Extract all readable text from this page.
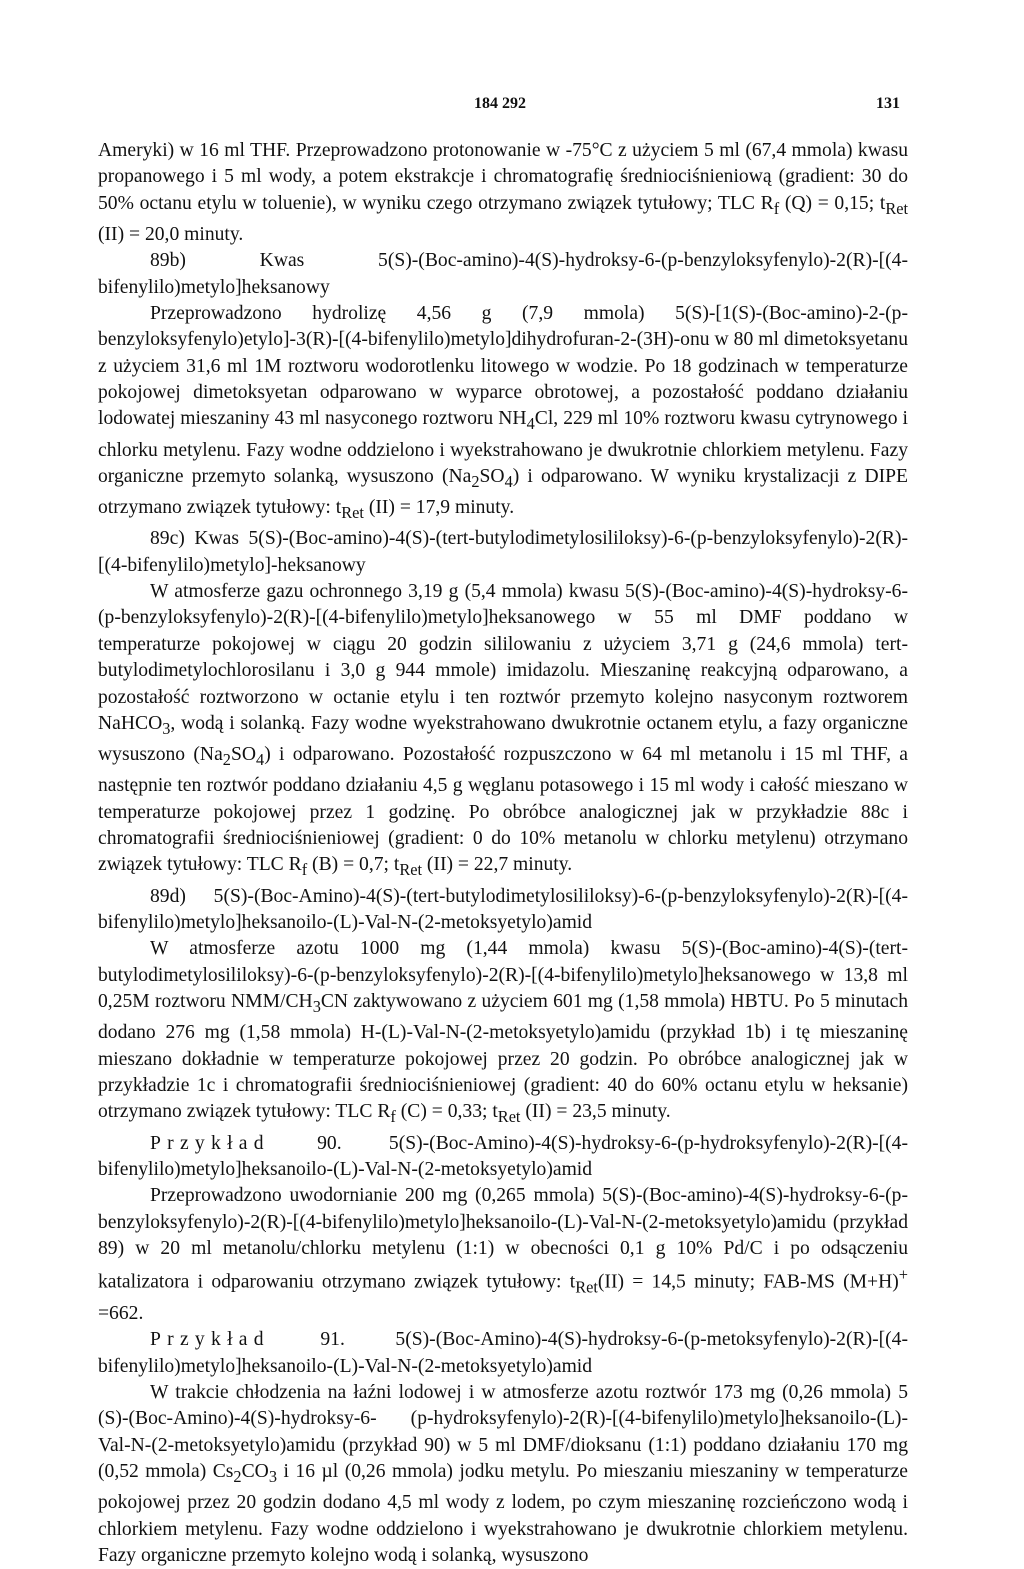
184 292	131

Ameryki) w 16 ml THF. Przeprowadzono protonowanie w -75°C z użyciem 5 ml (67,4 mmola) kwasu propanowego i 5 ml wody, a potem ekstrakcje i chromatografię średniociśnieniową (gradient: 30 do 50% octanu etylu w toluenie), w wyniku czego otrzymano związek tytułowy; TLC $R_f$ (Q) = 0,15; $t_{Ret}$ (II) = 20,0 minuty.

89b) Kwas 5(S)-(Boc-amino)-4(S)-hydroksy-6-(p-benzyloksyfenylo)-2(R)-[(4-bifenylilo)metylo]heksanowy

Przeprowadzono hydrolizę 4,56 g (7,9 mmola) 5(S)-[1(S)-(Boc-amino)-2-(p-benzyloksyfenylo)etylo]-3(R)-[(4-bifenylilo)metylo]dihydrofuran-2-(3H)-onu w 80 ml dimetoksyetanu z użyciem 31,6 ml 1M roztworu wodorotlenku litowego w wodzie. Po 18 godzinach w temperaturze pokojowej dimetoksyetan odparowano w wyparce obrotowej, a pozostałość poddano działaniu lodowatej mieszaniny 43 ml nasyconego roztworu $NH_4Cl$, 229 ml 10% roztworu kwasu cytrynowego i chlorku metylenu. Fazy wodne oddzielono i wyekstrahowano je dwukrotnie chlorkiem metylenu. Fazy organiczne przemyto solanką, wysuszono $(Na_2SO_4)$ i odparowano. W wyniku krystalizacji z DIPE otrzymano związek tytułowy: $t_{Ret}$ (II) = 17,9 minuty.

89c) Kwas 5(S)-(Boc-amino)-4(S)-(tert-butylodimetylosililoksy)-6-(p-benzyloksyfenylo)-2(R)-[(4-bifenylilo)metylo]-heksanowy

W atmosferze gazu ochronnego 3,19 g (5,4 mmola) kwasu 5(S)-(Boc-amino)-4(S)-hydroksy-6-(p-benzyloksyfenylo)-2(R)-[(4-bifenylilo)metylo]heksanowego w 55 ml DMF poddano w temperaturze pokojowej w ciągu 20 godzin sililowaniu z użyciem 3,71 g (24,6 mmola) tert-butylodimetylochlorosilanu i 3,0 g 944 mmole) imidazolu. Mieszaninę reakcyjną odparowano, a pozostałość roztworzono w octanie etylu i ten roztwór przemyto kolejno nasyconym roztworem NaHCO$_3$, wodą i solanką. Fazy wodne wyekstrahowano dwukrotnie octanem etylu, a fazy organiczne wysuszono $(Na_2SO_4)$ i odparowano. Pozostałość rozpuszczono w 64 ml metanolu i 15 ml THF, a następnie ten roztwór poddano działaniu 4,5 g węglanu potasowego i 15 ml wody i całość mieszano w temperaturze pokojowej przez 1 godzinę. Po obróbce analogicznej jak w przykładzie 88c i chromatografii średniociśnieniowej (gradient: 0 do 10% metanolu w chlorku metylenu) otrzymano związek tytułowy: TLC $R_f$ (B) = 0,7; $t_{Ret}$ (II) = 22,7 minuty.

89d) 5(S)-(Boc-Amino)-4(S)-(tert-butylodimetylosililoksy)-6-(p-benzyloksyfenylo)-2(R)-[(4-bifenylilo)metylo]heksanoilo-(L)-Val-N-(2-metoksyetylo)amid

W atmosferze azotu 1000 mg (1,44 mmola) kwasu 5(S)-(Boc-amino)-4(S)-(tert-butylodimetylosililoksy)-6-(p-benzyloksyfenylo)-2(R)-[(4-bifenylilo)metylo]heksanowego w 13,8 ml 0,25M roztworu NMM/$CH_3CN$ zaktywowano z użyciem 601 mg (1,58 mmola) HBTU. Po 5 minutach dodano 276 mg (1,58 mmola) H-(L)-Val-N-(2-metoksyetylo)amidu (przykład 1b) i tę mieszaninę mieszano dokładnie w temperaturze pokojowej przez 20 godzin. Po obróbce analogicznej jak w przykładzie 1c i chromatografii średniociśnieniowej (gradient: 40 do 60% octanu etylu w heksanie) otrzymano związek tytułowy: TLC $R_f$ (C) = 0,33; $t_{Ret}$ (II) = 23,5 minuty.

Przykład 90. 5(S)-(Boc-Amino)-4(S)-hydroksy-6-(p-hydroksyfenylo)-2(R)-[(4-bifenylilo)metylo]heksanoilo-(L)-Val-N-(2-metoksyetylo)amid

Przeprowadzono uwodornianie 200 mg (0,265 mmola) 5(S)-(Boc-amino)-4(S)-hydroksy-6-(p-benzyloksyfenylo)-2(R)-[(4-bifenylilo)metylo]heksanoilo-(L)-Val-N-(2-metoksyetylo)amidu (przykład 89) w 20 ml metanolu/chlorku metylenu (1:1) w obecności 0,1 g 10% Pd/C i po odsączeniu katalizatora i odparowaniu otrzymano związek tytułowy: $t_{Ret}(II) = 14,5$ minuty; FAB-MS (M+H)+ =662.

Przykład 91. 5(S)-(Boc-Amino)-4(S)-hydroksy-6-(p-metoksyfenylo)-2(R)-[(4-bifenylilo)metylo]heksanoilo-(L)-Val-N-(2-metoksyetylo)amid

W trakcie chłodzenia na łaźni lodowej i w atmosferze azotu roztwór 173 mg (0,26 mmola) 5 (S)-(Boc-Amino)-4(S)-hydroksy-6- (p-hydroksyfenylo)-2(R)-[(4-bifenylilo)metylo]heksanoilo-(L)-Val-N-(2-metoksyetylo)amidu (przykład 90) w 5 ml DMF/dioksanu (1:1) poddano działaniu 170 mg (0,52 mmola) $Cs_2CO_3$ i 16 µl (0,26 mmola) jodku metylu. Po mieszaniu mieszaniny w temperaturze pokojowej przez 20 godzin dodano 4,5 ml wody z lodem, po czym mieszaninę rozcieńczono wodą i chlorkiem metylenu. Fazy wodne oddzielono i wyekstrahowano je dwukrotnie chlorkiem metylenu. Fazy organiczne przemyto kolejno wodą i solanką, wysuszono
